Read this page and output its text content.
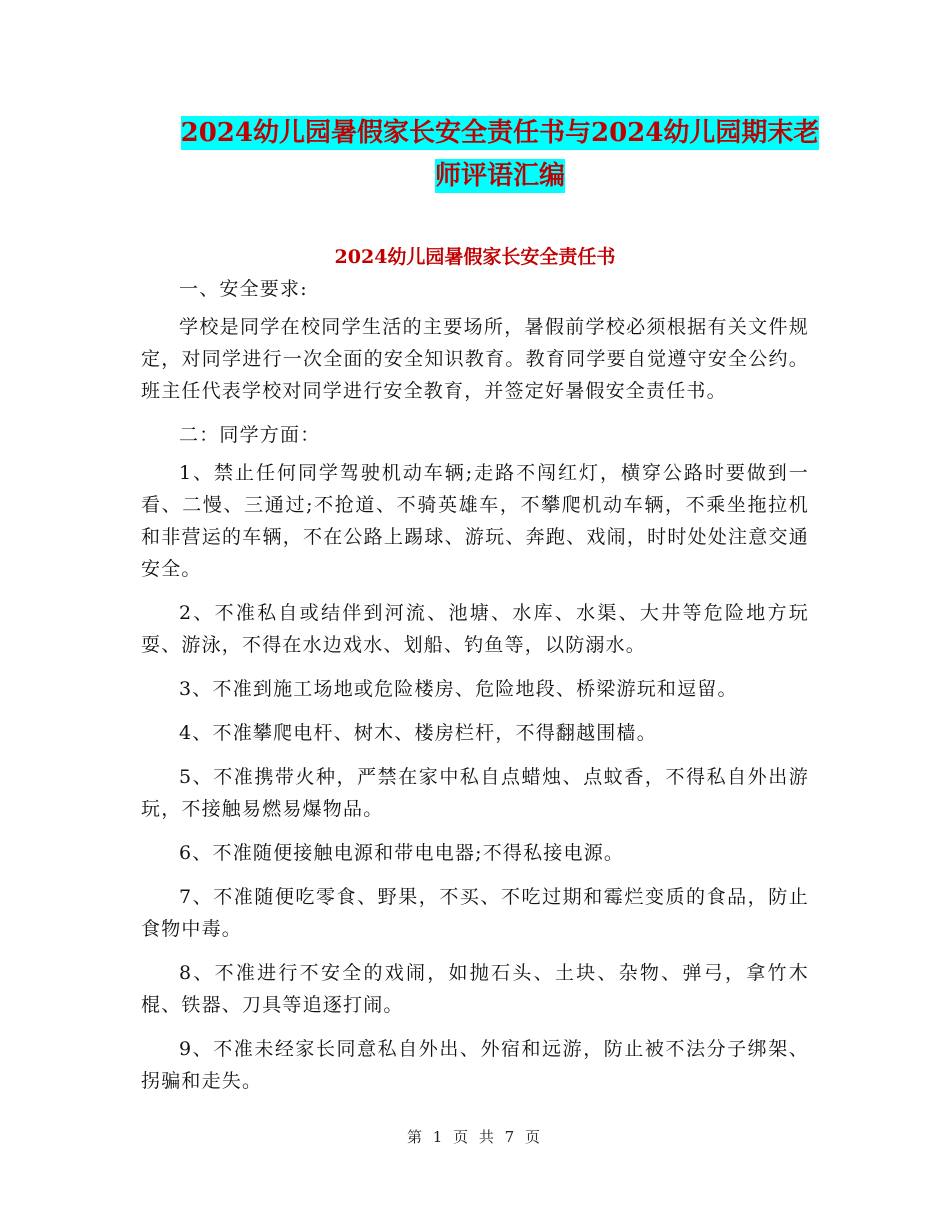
2024幼儿园暑假家长安全责任书与2024幼儿园期末老
师评语汇编
2024幼儿园暑假家长安全责任书

一、安全要求:

学校是同学在校同学生活的主要场所，暑假前学校必须根据有关文件规定，对同学进行一次全面的安全知识教育。教育同学要自觉遵守安全公约。班主任代表学校对同学进行安全教育，并签定好暑假安全责任书。

二：同学方面：

1、禁止任何同学驾驶机动车辆;走路不闯红灯，横穿公路时要做到一看、二慢、三通过;不抢道、不骑英雄车，不攀爬机动车辆，不乘坐拖拉机和非营运的车辆，不在公路上踢球、游玩、奔跑、戏闹，时时处处注意交通安全。

2、不准私自或结伴到河流、池塘、水库、水渠、大井等危险地方玩耍、游泳，不得在水边戏水、划船、钓鱼等，以防溺水。

3、不准到施工场地或危险楼房、危险地段、桥梁游玩和逗留。

4、不准攀爬电杆、树木、楼房栏杆，不得翻越围樯。

5、不准携带火种，严禁在家中私自点蜡烛、点蚊香，不得私自外出游玩，不接触易燃易爆物品。

6、不准随便接触电源和带电电器;不得私接电源。

7、不准随便吃零食、野果，不买、不吃过期和霉烂变质的食品，防止食物中毒。

8、不准进行不安全的戏闹，如抛石头、土块、杂物、弹弓，拿竹木棍、铁器、刀具等追逐打闹。

9、不准未经家长同意私自外出、外宿和远游，防止被不法分子绑架、拐骗和走失。

第 1 页 共 7 页
